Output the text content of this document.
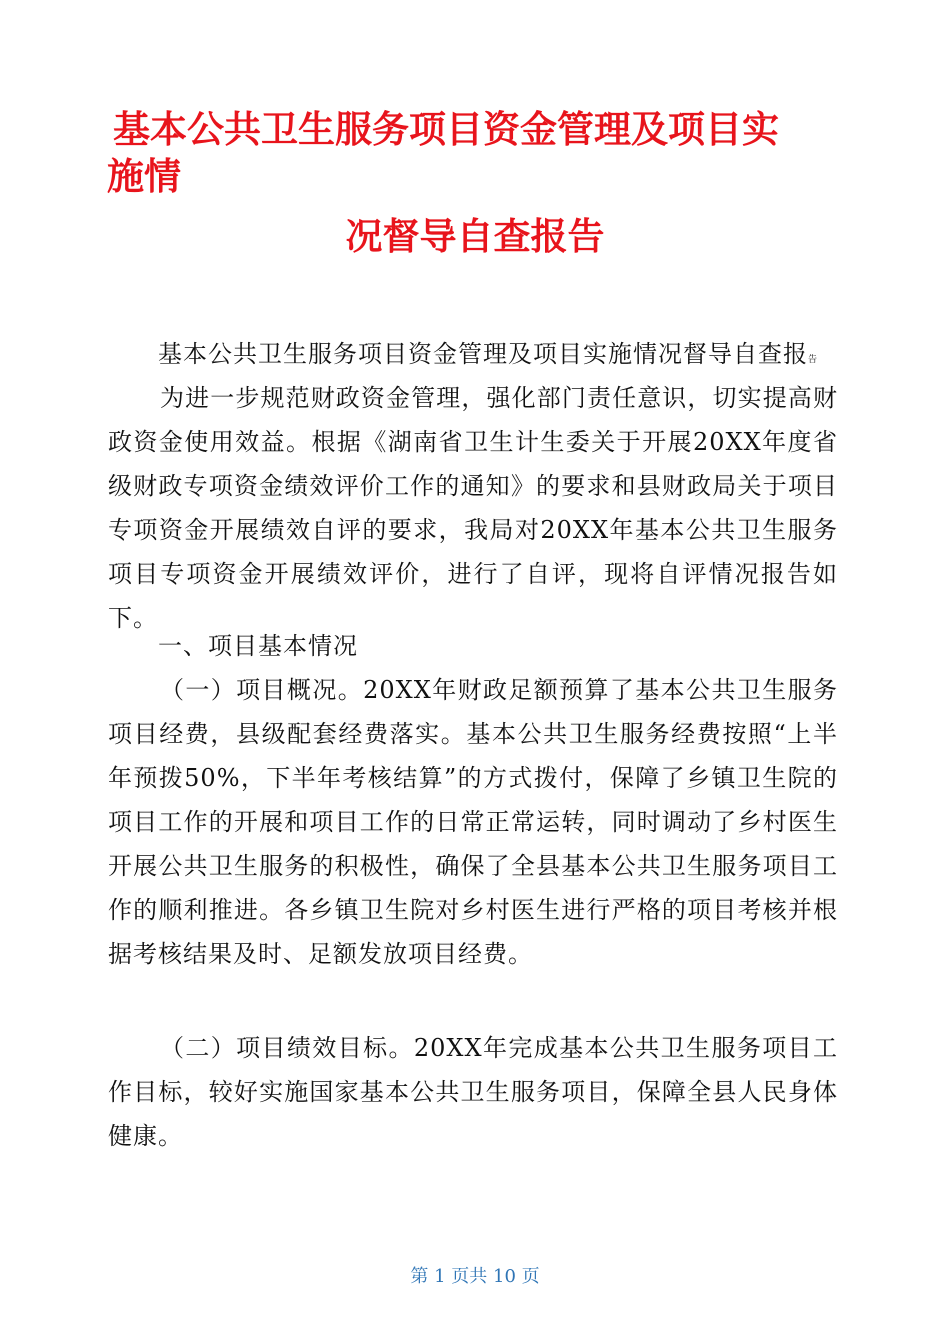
基本公共卫生服务项目资金管理及项目实
施情
况督导自查报告

基本公共卫生服务项目资金管理及项目实施情况督导自查报告

为进一步规范财政资金管理，强化部门责任意识，切实提高财政资金使用效益。根据《湖南省卫生计生委关于开展20XX年度省级财政专项资金绩效评价工作的通知》的要求和县财政局关于项目专项资金开展绩效自评的要求，我局对20XX年基本公共卫生服务项目专项资金开展绩效评价，进行了自评，现将自评情况报告如下。

一、项目基本情况

（一）项目概况。20XX年财政足额预算了基本公共卫生服务项目经费，县级配套经费落实。基本公共卫生服务经费按照“上半年预拨50%，下半年考核结算”的方式拨付，保障了乡镇卫生院的项目工作的开展和项目工作的日常正常运转，同时调动了乡村医生开展公共卫生服务的积极性，确保了全县基本公共卫生服务项目工作的顺利推进。各乡镇卫生院对乡村医生进行严格的项目考核并根据考核结果及时、足额发放项目经费。

（二）项目绩效目标。20XX年完成基本公共卫生服务项目工作目标，较好实施国家基本公共卫生服务项目，保障全县人民身体健康。

第 1 页共 10 页
